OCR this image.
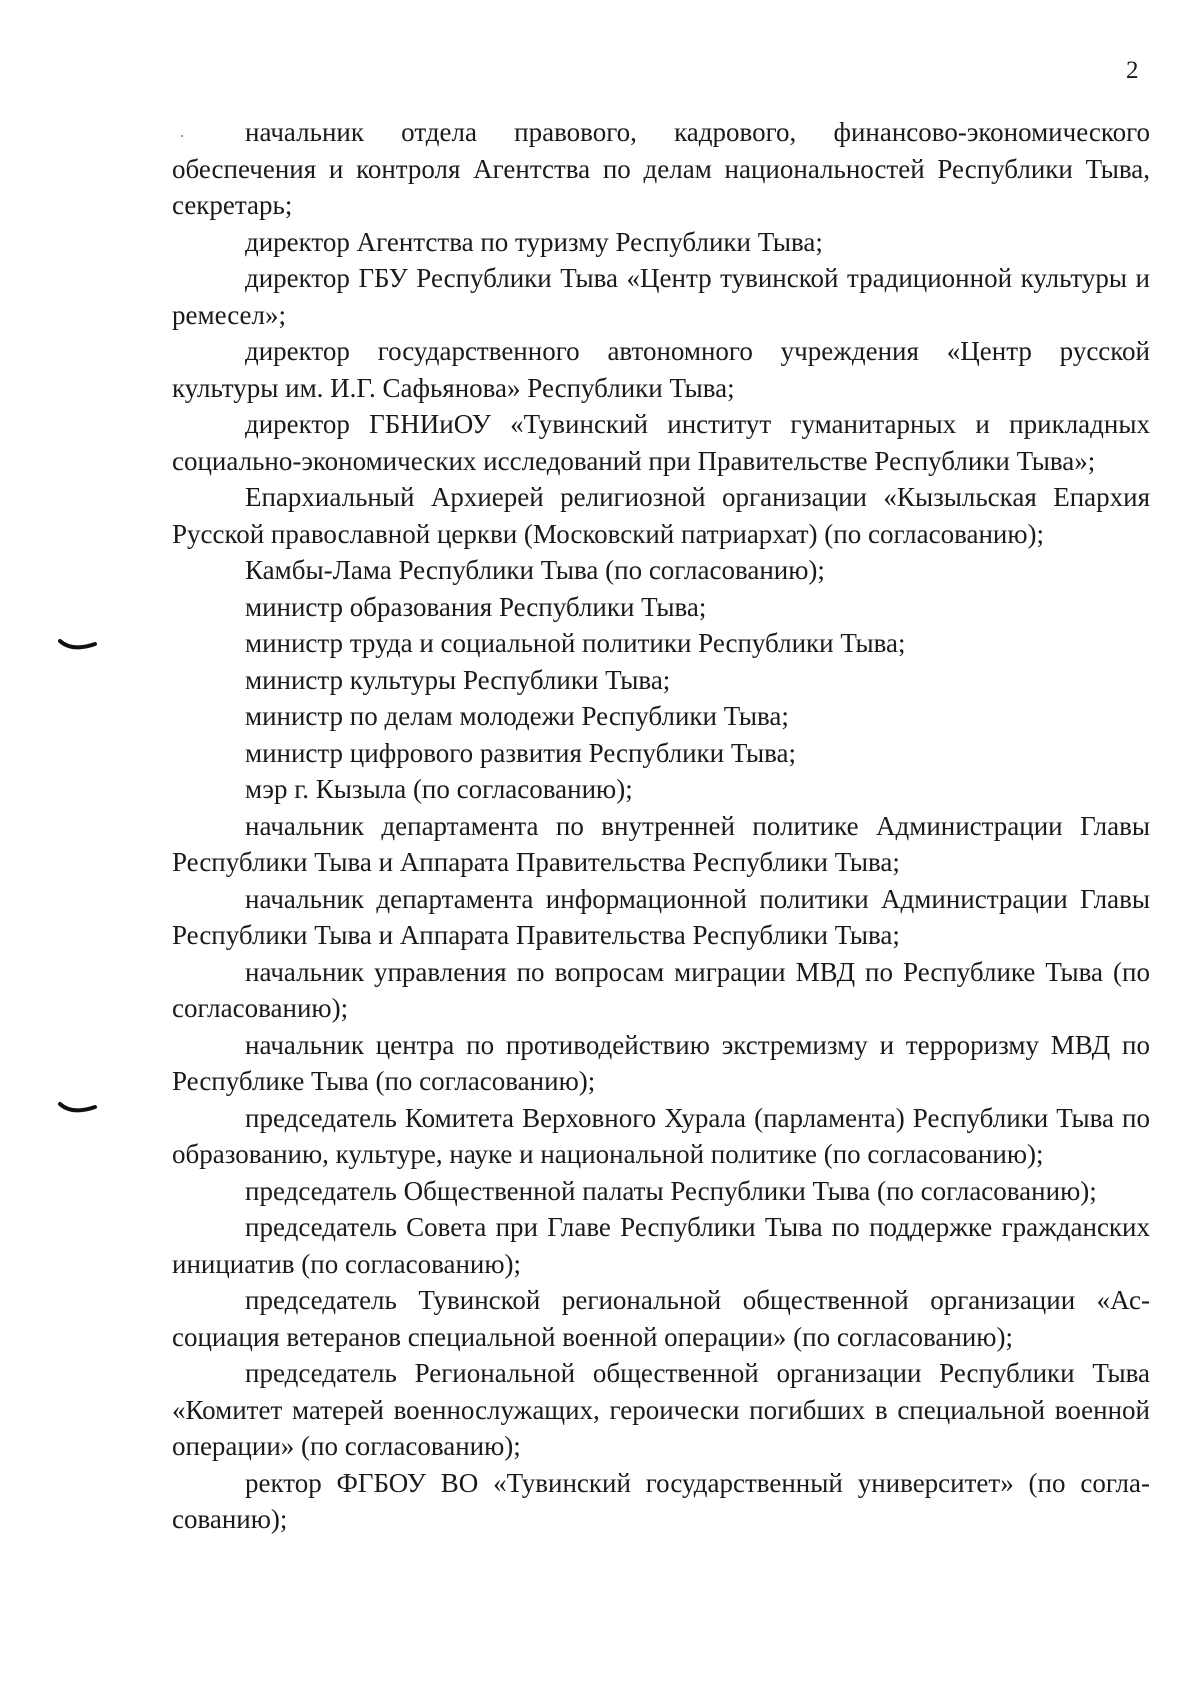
2

начальник отдела правового, кадрового, финансово-экономического обеспечения и контроля Агентства по делам национальностей Республики Тыва, секретарь;

директор Агентства по туризму Республики Тыва;

директор ГБУ Республики Тыва «Центр тувинской традиционной культуры и ремесел»;

директор государственного автономного учреждения «Центр русской культуры им. И.Г. Сафьянова» Республики Тыва;

директор ГБНИиОУ «Тувинский институт гуманитарных и прикладных социально-экономических исследований при Правительстве Республики Тыва»;

Епархиальный Архиерей религиозной организации «Кызыльская Епархия Русской православной церкви (Московский патриархат) (по согласованию);

Камбы-Лама Республики Тыва (по согласованию);

министр образования Республики Тыва;

министр труда и социальной политики Республики Тыва;

министр культуры Республики Тыва;

министр по делам молодежи Республики Тыва;

министр цифрового развития Республики Тыва;

мэр г. Кызыла (по согласованию);

начальник департамента по внутренней политике Администрации Главы Республики Тыва и Аппарата Правительства Республики Тыва;

начальник департамента информационной политики Администрации Главы Республики Тыва и Аппарата Правительства Республики Тыва;

начальник управления по вопросам миграции МВД по Республике Тыва (по согласованию);

начальник центра по противодействию экстремизму и терроризму МВД по Республике Тыва (по согласованию);

председатель Комитета Верховного Хурала (парламента) Республики Тыва по образованию, культуре, науке и национальной политике (по согласованию);

председатель Общественной палаты Республики Тыва (по согласованию);

председатель Совета при Главе Республики Тыва по поддержке гражданских инициатив (по согласованию);

председатель Тувинской региональной общественной организации «Ассоциация ветеранов специальной военной операции» (по согласованию);

председатель Региональной общественной организации Республики Тыва «Комитет матерей военнослужащих, героически погибших в специальной военной операции» (по согласованию);

ректор ФГБОУ ВО «Тувинский государственный университет» (по согласованию);
